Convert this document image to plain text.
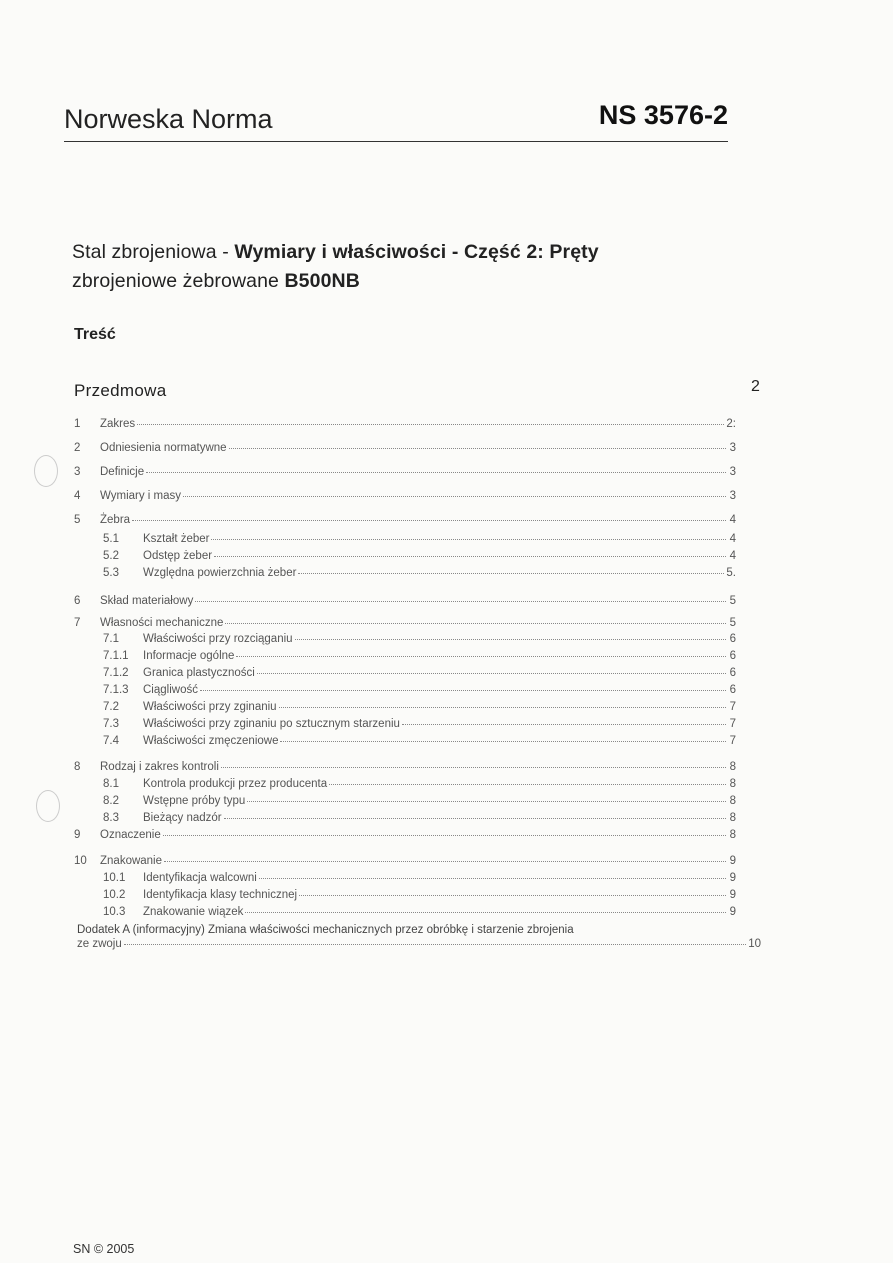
Norweska Norma	NS 3576-2
Stal zbrojeniowa - Wymiary i właściwości - Część 2: Pręty
zbrojeniowe żebrowane B500NB
Treść
Przedmowa	2
1	Zakres	2:
2	Odniesienia normatywne	3
3	Definicje	3
4	Wymiary i masy	3
5	Żebra	4
5.1	Kształt żeber	4
5.2	Odstęp żeber	4
5.3	Względna powierzchnia żeber	5.
6	Skład materiałowy	5
7	Własności mechaniczne	5
7.1	Właściwości przy rozciąganiu	6
7.1.1	Informacje ogólne	6
7.1.2	Granica plastyczności	6
7.1.3	Ciągliwość	6
7.2	Właściwości przy zginaniu	7
7.3	Właściwości przy zginaniu po sztucznym starzeniu	7
7.4	Właściwości zmęczeniowe	7
8	Rodzaj i zakres kontroli	8
8.1	Kontrola produkcji przez producenta	8
8.2	Wstępne próby typu	8
8.3	Bieżący nadzór	8
9	Oznaczenie	8
10	Znakowanie	9
10.1	Identyfikacja walcowni	9
10.2	Identyfikacja klasy technicznej	9
10.3	Znakowanie wiązek	9
Dodatek A (informacyjny) Zmiana właściwości mechanicznych przez obróbkę i starzenie zbrojenia
ze zwoju	10
SN © 2005
